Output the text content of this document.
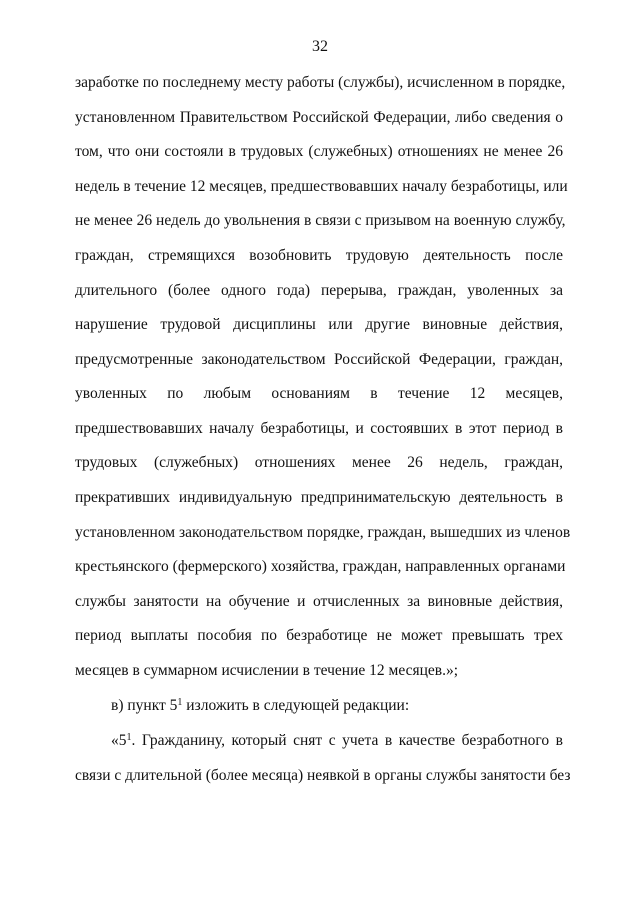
32
заработке по последнему месту работы (службы), исчисленном в порядке,
установленном Правительством Российской Федерации, либо сведения о
том, что они состояли в трудовых (служебных) отношениях не менее 26
недель в течение 12 месяцев, предшествовавших началу безработицы, или
не менее 26 недель до увольнения в связи с призывом на военную службу,
граждан, стремящихся возобновить трудовую деятельность после
длительного (более одного года) перерыва, граждан, уволенных за
нарушение трудовой дисциплины или другие виновные действия,
предусмотренные законодательством Российской Федерации, граждан,
уволенных по любым основаниям в течение 12 месяцев,
предшествовавших началу безработицы, и состоявших в этот период в
трудовых (служебных) отношениях менее 26 недель, граждан,
прекративших индивидуальную предпринимательскую деятельность в
установленном законодательством порядке, граждан, вышедших из членов
крестьянского (фермерского) хозяйства, граждан, направленных органами
службы занятости на обучение и отчисленных за виновные действия,
период выплаты пособия по безработице не может превышать трех
месяцев в суммарном исчислении в течение 12 месяцев.»;
в) пункт $5^1$ изложить в следующей редакции:
«$5^1$. Гражданину, который снят с учета в качестве безработного в
связи с длительной (более месяца) неявкой в органы службы занятости без
